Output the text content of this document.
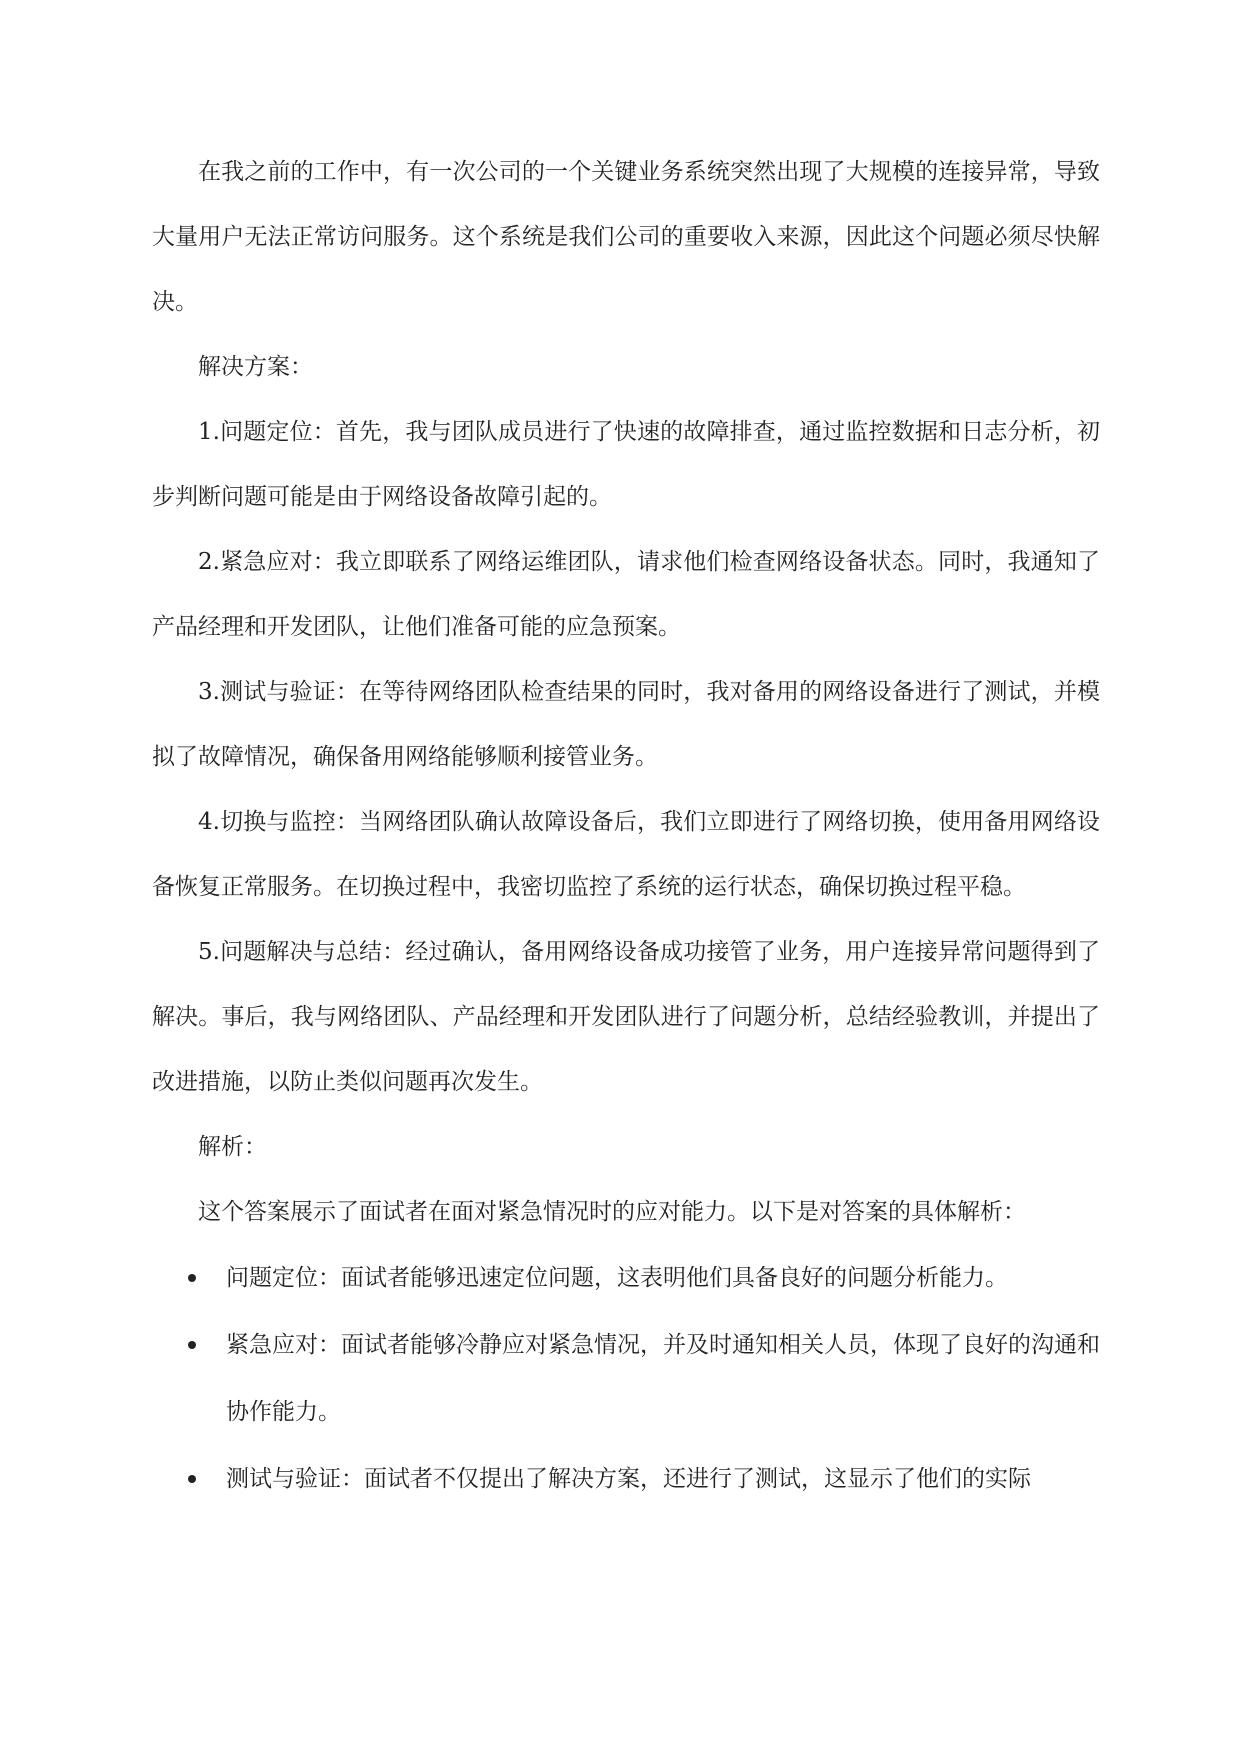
在我之前的工作中，有一次公司的一个关键业务系统突然出现了大规模的连接异常，导致大量用户无法正常访问服务。这个系统是我们公司的重要收入来源，因此这个问题必须尽快解决。

解决方案：

1.问题定位：首先，我与团队成员进行了快速的故障排查，通过监控数据和日志分析，初步判断问题可能是由于网络设备故障引起的。

2.紧急应对：我立即联系了网络运维团队，请求他们检查网络设备状态。同时，我通知了产品经理和开发团队，让他们准备可能的应急预案。

3.测试与验证：在等待网络团队检查结果的同时，我对备用的网络设备进行了测试，并模拟了故障情况，确保备用网络能够顺利接管业务。

4.切换与监控：当网络团队确认故障设备后，我们立即进行了网络切换，使用备用网络设备恢复正常服务。在切换过程中，我密切监控了系统的运行状态，确保切换过程平稳。

5.问题解决与总结：经过确认，备用网络设备成功接管了业务，用户连接异常问题得到了解决。事后，我与网络团队、产品经理和开发团队进行了问题分析，总结经验教训，并提出了改进措施，以防止类似问题再次发生。

解析：

这个答案展示了面试者在面对紧急情况时的应对能力。以下是对答案的具体解析：

问题定位：面试者能够迅速定位问题，这表明他们具备良好的问题分析能力。
紧急应对：面试者能够冷静应对紧急情况，并及时通知相关人员，体现了良好的沟通和协作能力。
测试与验证：面试者不仅提出了解决方案，还进行了测试，这显示了他们的实际
